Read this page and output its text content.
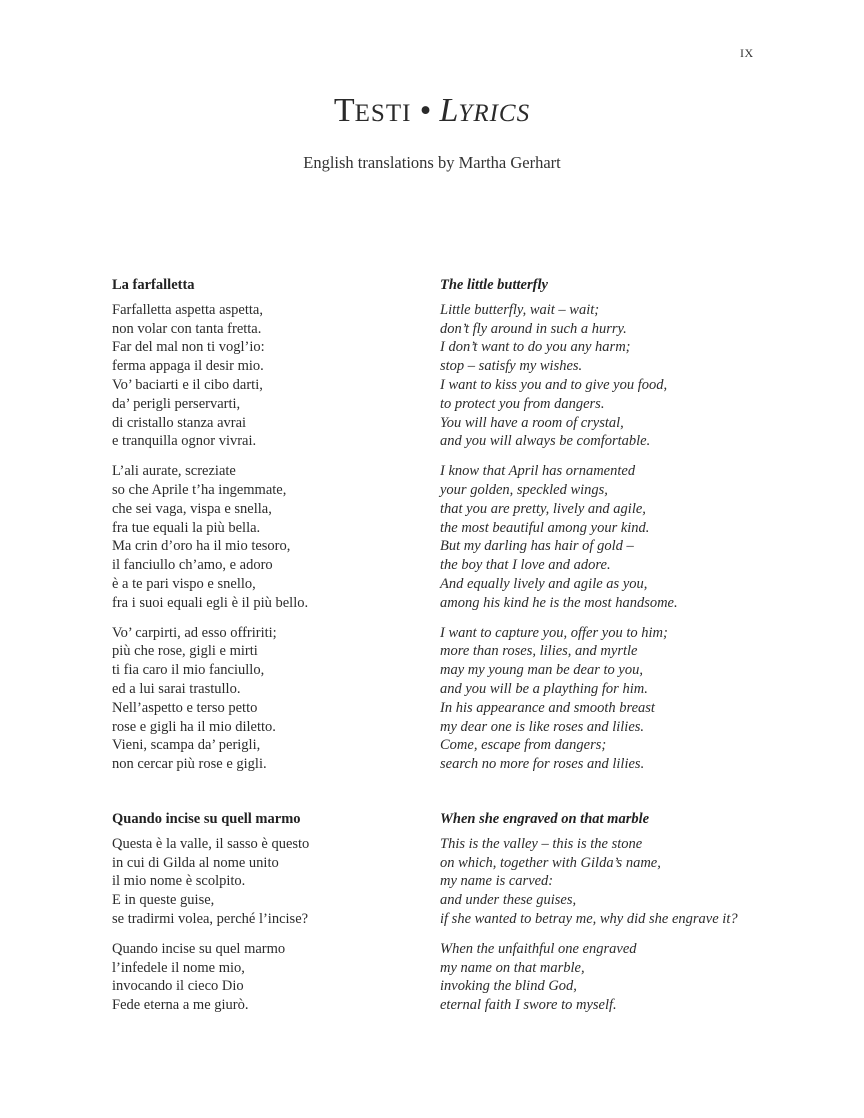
IX
TESTI • LYRICS
English translations by Martha Gerhart
La farfalletta
Farfalletta aspetta aspetta,
non volar con tanta fretta.
Far del mal non ti vogl’io:
ferma appaga il desir mio.
Vo’ baciarti e il cibo darti,
da’ perigli perservarti,
di cristallo stanza avrai
e tranquilla ognor vivrai.
L’ali aurate, screziate
so che Aprile t’ha ingemmate,
che sei vaga, vispa e snella,
fra tue equali la più bella.
Ma crin d’oro ha il mio tesoro,
il fanciullo ch’amo, e adoro
è a te pari vispo e snello,
fra i suoi equali egli è il più bello.
Vo’ carpirti, ad esso offririti;
più che rose, gigli e mirti
ti fia caro il mio fanciullo,
ed a lui sarai trastullo.
Nell’aspetto e terso petto
rose e gigli ha il mio diletto.
Vieni, scampa da’ perigli,
non cercar più rose e gigli.
The little butterfly
Little butterfly, wait – wait;
don’t fly around in such a hurry.
I don’t want to do you any harm;
stop – satisfy my wishes.
I want to kiss you and to give you food,
to protect you from dangers.
You will have a room of crystal,
and you will always be comfortable.
I know that April has ornamented
your golden, speckled wings,
that you are pretty, lively and agile,
the most beautiful among your kind.
But my darling has hair of gold –
the boy that I love and adore.
And equally lively and agile as you,
among his kind he is the most handsome.
I want to capture you, offer you to him;
more than roses, lilies, and myrtle
may my young man be dear to you,
and you will be a plaything for him.
In his appearance and smooth breast
my dear one is like roses and lilies.
Come, escape from dangers;
search no more for roses and lilies.
Quando incise su quell marmo
Questa è la valle, il sasso è questo
in cui di Gilda al nome unito
il mio nome è scolpito.
E in queste guise,
se tradirmi volea, perché l’incise?
Quando incise su quel marmo
l’infedele il nome mio,
invocando il cieco Dio
Fede eterna a me giurò.
When she engraved on that marble
This is the valley – this is the stone
on which, together with Gilda’s name,
my name is carved:
and under these guises,
if she wanted to betray me, why did she engrave it?
When the unfaithful one engraved
my name on that marble,
invoking the blind God,
eternal faith I swore to myself.
